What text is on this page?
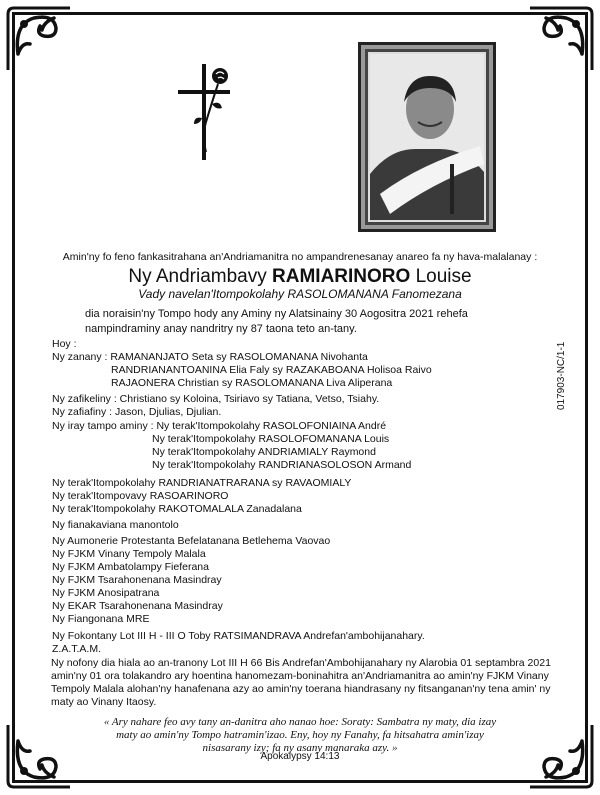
Amin'ny fo feno fankasitrahana an'Andriamanitra no ampandrenesanay anareo fa ny hava-malalanay :
Ny Andriambavy RAMIARINORO Louise
Vady navelan'Itompokolahy RASOLOMANANA Fanomezana
dia noraisin'ny Tompo hody any Aminy ny Alatsinainy 30 Aogositra 2021 rehefa nampindraminy anay nandritry ny 87 taona teto an-tany.
Hoy :
Ny zanany : RAMANANJATO Seta sy RASOLOMANANA Nivohanta
RANDRIANANTOANINA Elia Faly sy RAZAKABOANA Holisoa Raivo
RAJAONERA Christian sy RASOLOMANANA Liva Aliperana
Ny zafikeliny : Christiano sy Koloina, Tsiriavo sy Tatiana, Vetso, Tsiahy.
Ny zafiafiny : Jason, Djulias, Djulian.
Ny iray tampo aminy : Ny terak'Itompokolahy RASOLOFONIAINA André
Ny terak'Itompokolahy RASOLOFOMANANA Louis
Ny terak'Itompokolahy ANDRIAMIALY Raymond
Ny terak'Itompokolahy RANDRIANASOLOSON Armand
Ny terak'Itompokolahy RANDRIANATRARANA sy RAVAOMIALY
Ny terak'Itompovavy RASOARINORO
Ny terak'Itompokolahy RAKOTOMALALA Zanadalana
Ny fianakaviana manontolo
Ny Aumonerie Protestanta Befelatanana Betlehema Vaovao
Ny FJKM Vinany Tempoly Malala
Ny FJKM Ambatolampy Fieferana
Ny FJKM Tsarahonenana Masindray
Ny FJKM Anosipatrana
Ny EKAR Tsarahonenana Masindray
Ny Fiangonana MRE
Ny Fokontany Lot III H - III O Toby RATSIMANDRAVA Andrefan'ambohijanahary.
Z.A.T.A.M.
Ny nofony dia hiala ao an-tranony Lot III H 66 Bis Andrefan'Ambohijanahary ny Alarobia 01 septambra 2021 amin'ny 01 ora tolakandro ary hoentina hanomezam-boninahitra an'Andriamanitra ao amin'ny FJKM Vinany Tempoly Malala alohan'ny hanafenana azy ao amin'ny toerana hiandrasany ny fitsanganan'ny tena amin' ny maty ao Vinany Itaosy.
« Ary nahare feo avy tany an-danitra aho nanao hoe: Soraty: Sambatra ny maty, dia izay maty ao amin'ny Tompo hatramin'izao. Eny, hoy ny Fanahy, fa hitsahatra amin'izay nisasarany izy; fa ny asany manaraka azy. »
Apokalypsy 14:13
017903-NC/1-1
